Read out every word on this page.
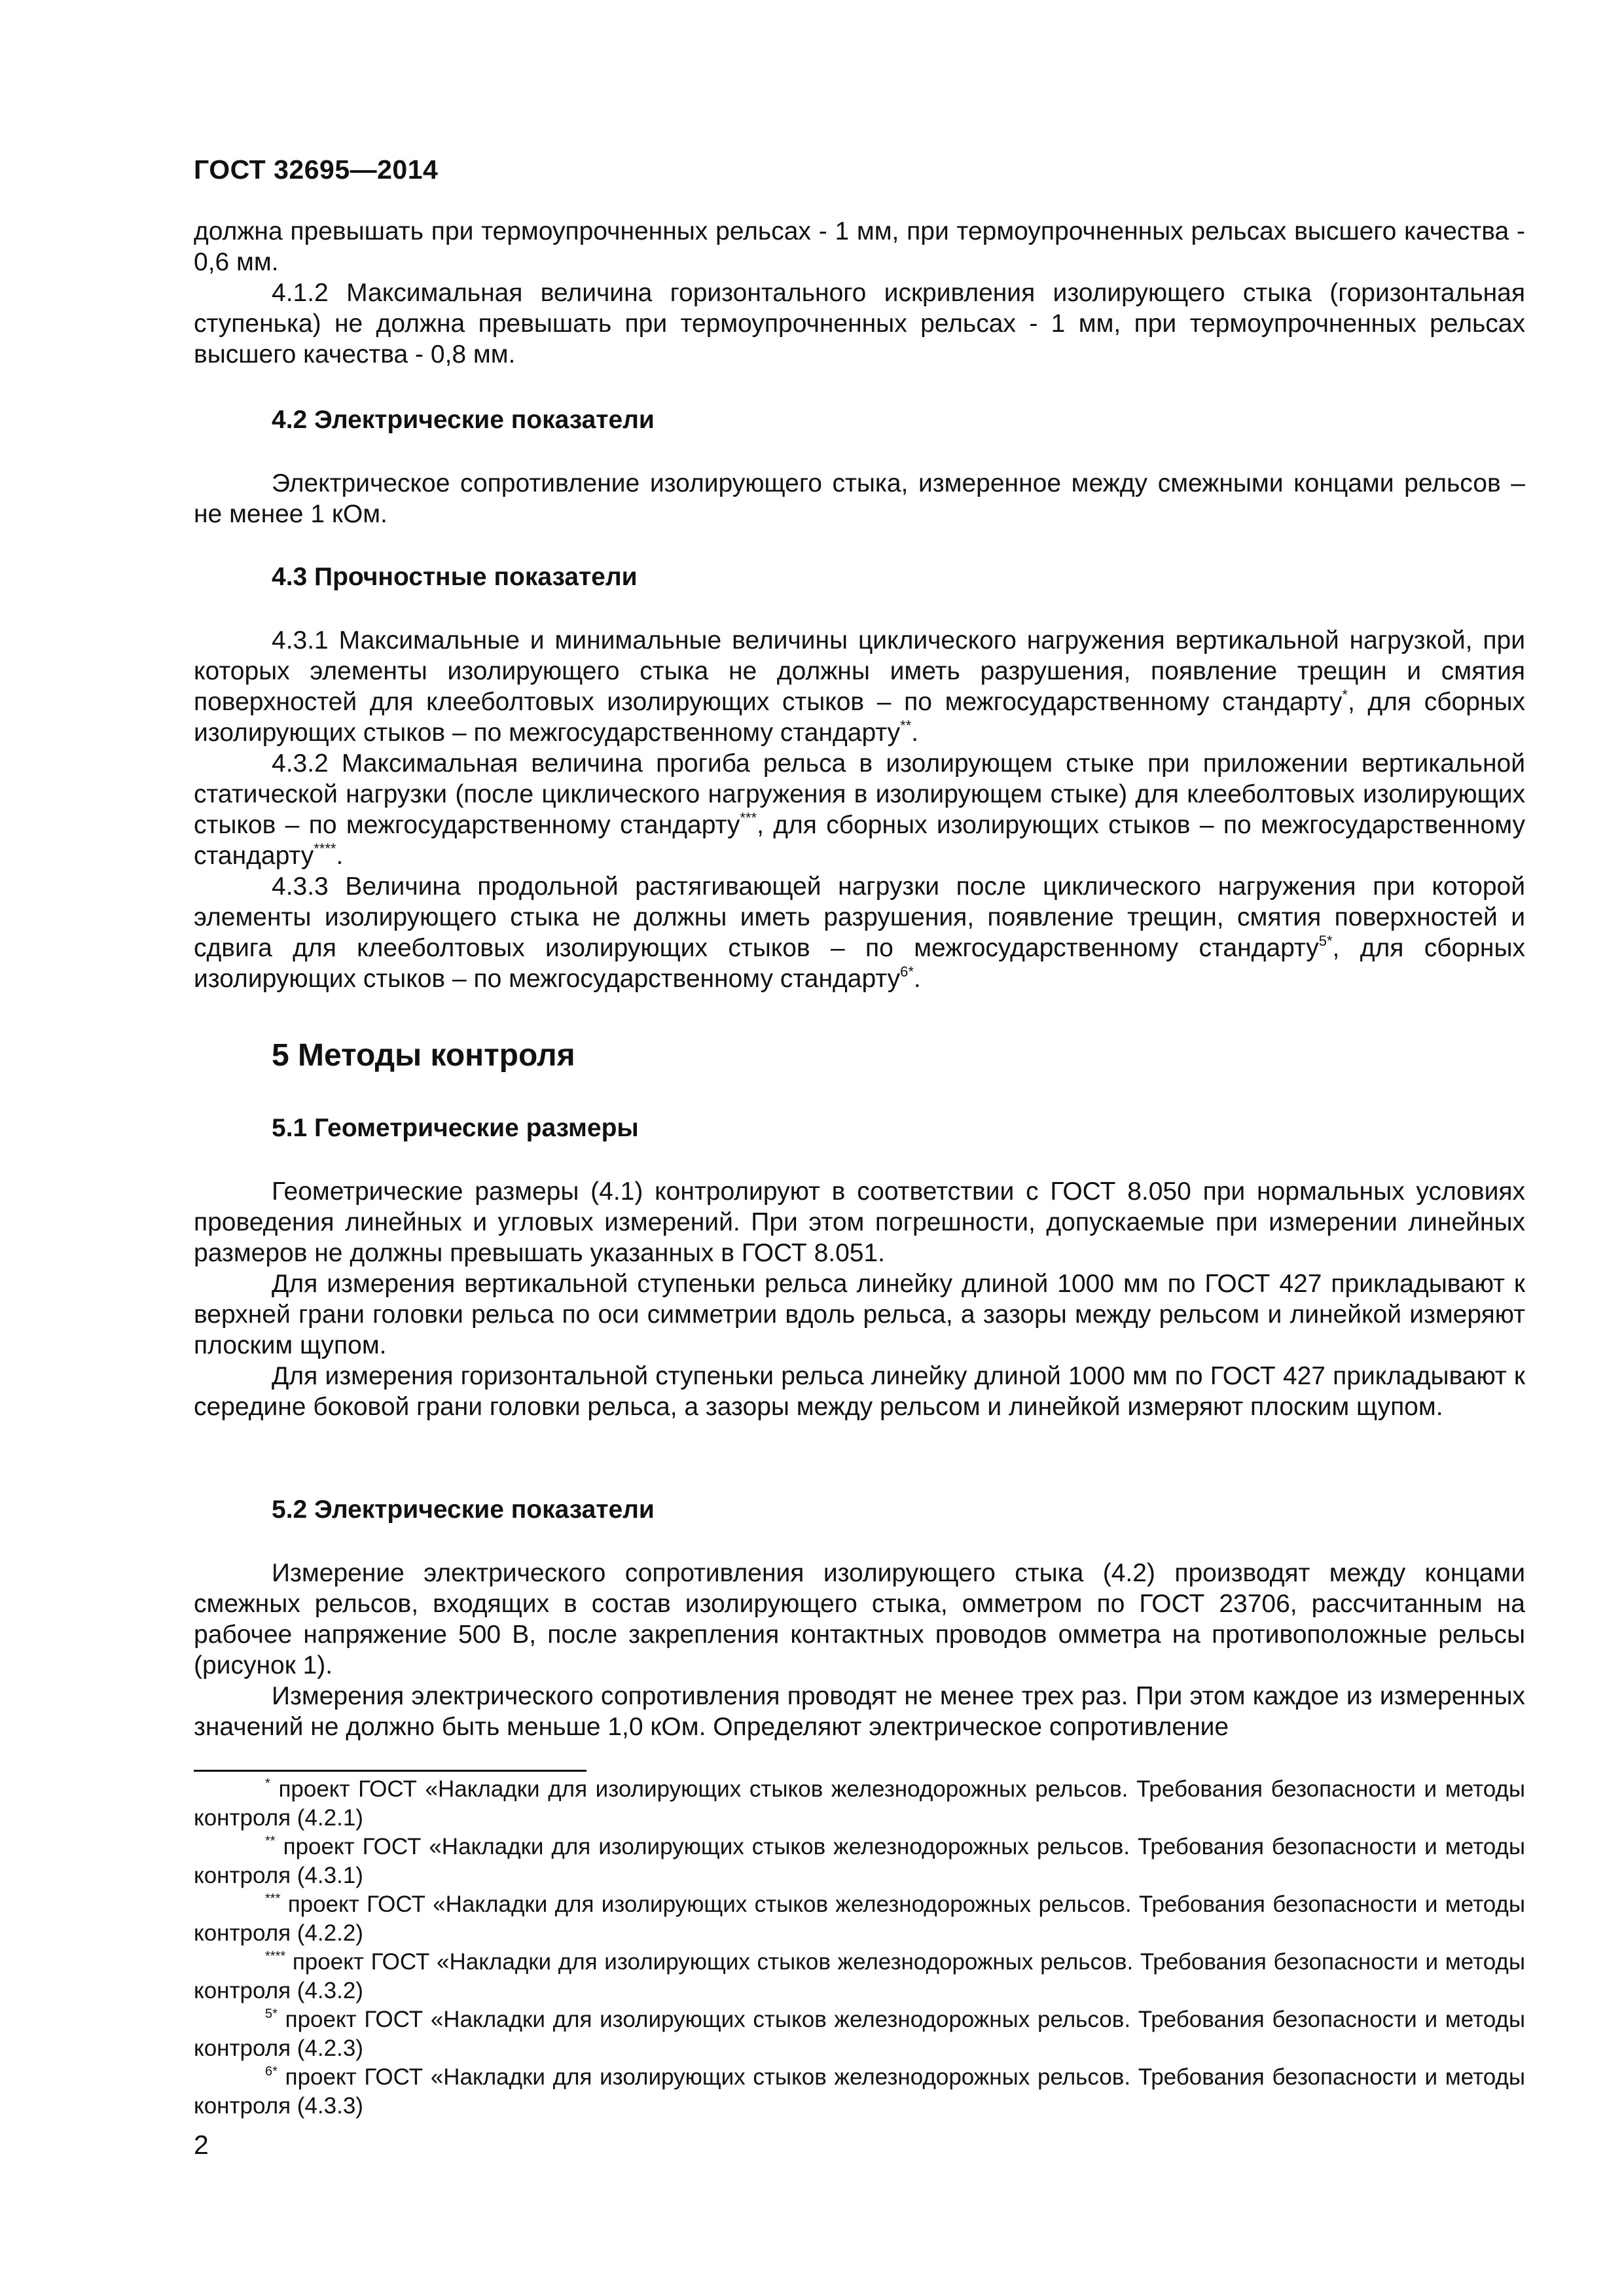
ГОСТ 32695—2014

должна превышать при термоупрочненных рельсах - 1 мм, при термоупрочненных рельсах высшего качества - 0,6 мм.

4.1.2 Максимальная величина горизонтального искривления изолирующего стыка (горизонтальная ступенька) не должна превышать при термоупрочненных рельсах - 1 мм, при термоупрочненных рельсах высшего качества - 0,8 мм.

4.2 Электрические показатели

Электрическое сопротивление изолирующего стыка, измеренное между смежными концами рельсов – не менее 1 кОм.

4.3 Прочностные показатели

4.3.1 Максимальные и минимальные величины циклического нагружения вертикальной нагрузкой, при которых элементы изолирующего стыка не должны иметь разрушения, появление трещин и смятия поверхностей для клееболтовых изолирующих стыков – по межгосударственному стандарту*, для сборных изолирующих стыков – по межгосударственному стандарту**.

4.3.2 Максимальная величина прогиба рельса в изолирующем стыке при приложении вертикальной статической нагрузки (после циклического нагружения в изолирующем стыке) для клееболтовых изолирующих стыков – по межгосударственному стандарту***, для сборных изолирующих стыков – по межгосударственному стандарту****.

4.3.3 Величина продольной растягивающей нагрузки после циклического нагружения при которой элементы изолирующего стыка не должны иметь разрушения, появление трещин, смятия поверхностей и сдвига для клееболтовых изолирующих стыков – по межгосударственному стандарту$^{5*}$, для сборных изолирующих стыков – по межгосударственному стандарту$^{6*}$.

5 Методы контроля
5.1 Геометрические размеры

Геометрические размеры (4.1) контролируют в соответствии с ГОСТ 8.050 при нормальных условиях проведения линейных и угловых измерений. При этом погрешности, допускаемые при измерении линейных размеров не должны превышать указанных в ГОСТ 8.051.

Для измерения вертикальной ступеньки рельса линейку длиной 1000 мм по ГОСТ 427 прикладывают к верхней грани головки рельса по оси симметрии вдоль рельса, а зазоры между рельсом и линейкой измеряют плоским щупом.

Для измерения горизонтальной ступеньки рельса линейку длиной 1000 мм по ГОСТ 427 прикладывают к середине боковой грани головки рельса, а зазоры между рельсом и линейкой измеряют плоским щупом.

5.2 Электрические показатели

Измерение электрического сопротивления изолирующего стыка (4.2) производят между концами смежных рельсов, входящих в состав изолирующего стыка, омметром по ГОСТ 23706, рассчитанным на рабочее напряжение 500 В, после закрепления контактных проводов омметра на противоположные рельсы (рисунок 1).

Измерения электрического сопротивления проводят не менее трех раз. При этом каждое из измеренных значений не должно быть меньше 1,0 кОм. Определяют электрическое сопротивление

* проект ГОСТ «Накладки для изолирующих стыков железнодорожных рельсов. Требования безопасности и методы контроля (4.2.1)

** проект ГОСТ «Накладки для изолирующих стыков железнодорожных рельсов. Требования безопасности и методы контроля (4.3.1)

*** проект ГОСТ «Накладки для изолирующих стыков железнодорожных рельсов. Требования безопасности и методы контроля (4.2.2)

**** проект ГОСТ «Накладки для изолирующих стыков железнодорожных рельсов. Требования безопасности и методы контроля (4.3.2)

$^{5*}$ проект ГОСТ «Накладки для изолирующих стыков железнодорожных рельсов. Требования безопасности и методы контроля (4.2.3)

$^{6*}$ проект ГОСТ «Накладки для изолирующих стыков железнодорожных рельсов. Требования безопасности и методы контроля (4.3.3)

2
